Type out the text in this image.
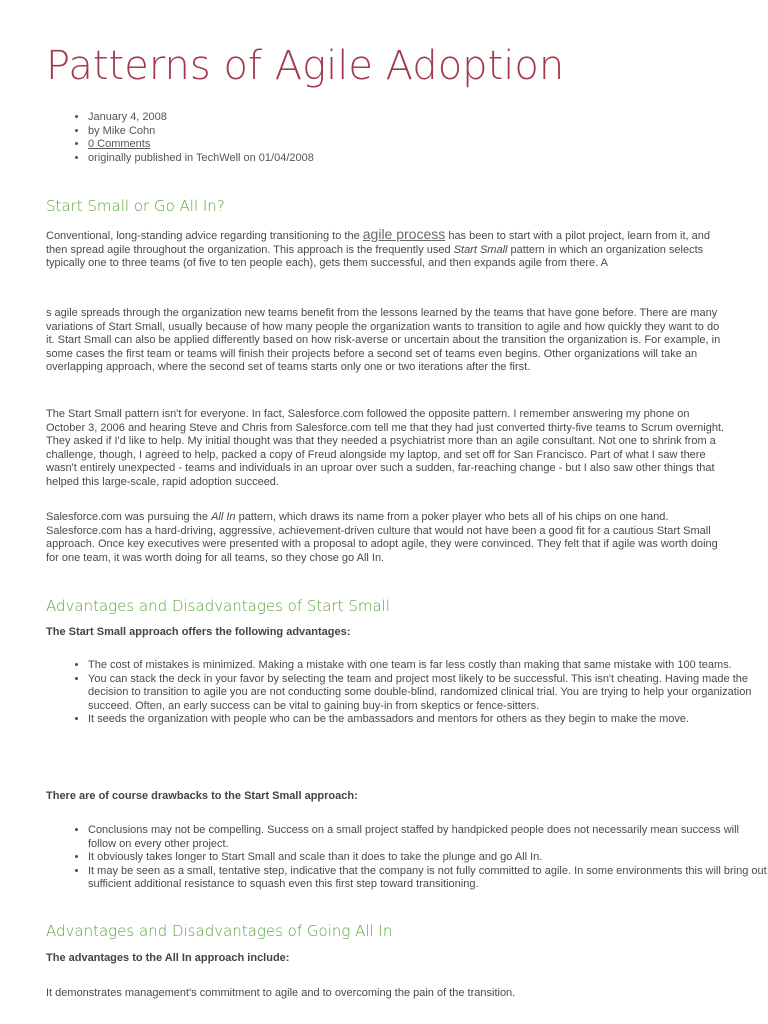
Patterns of Agile Adoption
• January 4, 2008
• by Mike Cohn
• 0 Comments
• originally published in TechWell on 01/04/2008
Start Small or Go All In?

Conventional, long-standing advice regarding transitioning to the agile process has been to start with a pilot project, learn from it, and then spread agile throughout the organization. This approach is the frequently used Start Small pattern in which an organization selects typically one to three teams (of five to ten people each), gets them successful, and then expands agile from there. A

s agile spreads through the organization new teams benefit from the lessons learned by the teams that have gone before. There are many variations of Start Small, usually because of how many people the organization wants to transition to agile and how quickly they want to do it. Start Small can also be applied differently based on how risk-averse or uncertain about the transition the organization is. For example, in some cases the first team or teams will finish their projects before a second set of teams even begins. Other organizations will take an overlapping approach, where the second set of teams starts only one or two iterations after the first.

The Start Small pattern isn't for everyone. In fact, Salesforce.com followed the opposite pattern. I remember answering my phone on October 3, 2006 and hearing Steve and Chris from Salesforce.com tell me that they had just converted thirty-five teams to Scrum overnight. They asked if I'd like to help. My initial thought was that they needed a psychiatrist more than an agile consultant. Not one to shrink from a challenge, though, I agreed to help, packed a copy of Freud alongside my laptop, and set off for San Francisco. Part of what I saw there wasn't entirely unexpected - teams and individuals in an uproar over such a sudden, far-reaching change - but I also saw other things that helped this large-scale, rapid adoption succeed.

Salesforce.com was pursuing the All In pattern, which draws its name from a poker player who bets all of his chips on one hand. Salesforce.com has a hard-driving, aggressive, achievement-driven culture that would not have been a good fit for a cautious Start Small approach. Once key executives were presented with a proposal to adopt agile, they were convinced. They felt that if agile was worth doing for one team, it was worth doing for all teams, so they chose go All In.

Advantages and Disadvantages of Start Small

The Start Small approach offers the following advantages:

• The cost of mistakes is minimized. Making a mistake with one team is far less costly than making that same mistake with 100 teams.
• You can stack the deck in your favor by selecting the team and project most likely to be successful. This isn't cheating. Having made the decision to transition to agile you are not conducting some double-blind, randomized clinical trial. You are trying to help your organization succeed. Often, an early success can be vital to gaining buy-in from skeptics or fence-sitters.
• It seeds the organization with people who can be the ambassadors and mentors for others as they begin to make the move.

There are of course drawbacks to the Start Small approach:

• Conclusions may not be compelling. Success on a small project staffed by handpicked people does not necessarily mean success will follow on every other project.
• It obviously takes longer to Start Small and scale than it does to take the plunge and go All In.
• It may be seen as a small, tentative step, indicative that the company is not fully committed to agile. In some environments this will bring out sufficient additional resistance to squash even this first step toward transitioning.
Advantages and Disadvantages of Going All In

The advantages to the All In approach include:

It demonstrates management's commitment to agile and to overcoming the pain of the transition.
